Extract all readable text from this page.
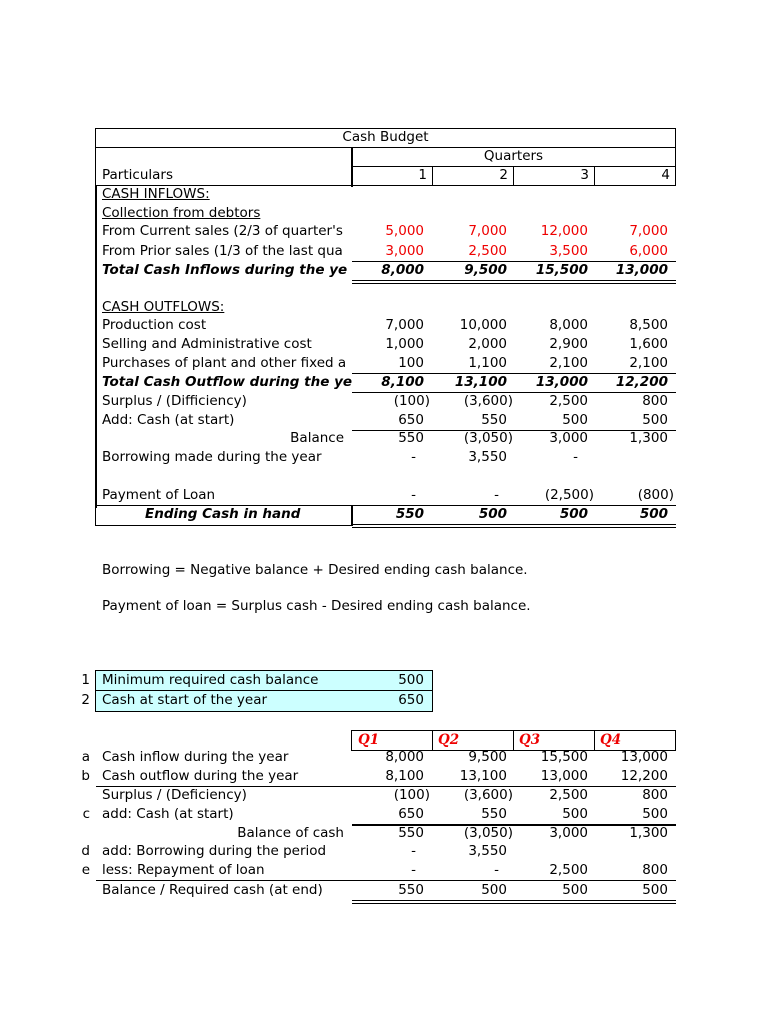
Cash Budget
Quarters
Particulars	1	2	3	4
CASH INFLOWS:
Collection from debtors
From Current sales (2/3 of quarter's	5,000	7,000	12,000	7,000
From Prior sales (1/3 of the last qua	3,000	2,500	3,500	6,000
Total Cash Inflows during the ye	8,000	9,500	15,500	13,000
CASH OUTFLOWS:
Production cost	7,000	10,000	8,000	8,500
Selling and Administrative cost	1,000	2,000	2,900	1,600
Purchases of plant and other fixed a	100	1,100	2,100	2,100
Total Cash Outflow during the ye	8,100	13,100	13,000	12,200
Surplus / (Difficiency)	(100)	(3,600)	2,500	800
Add: Cash (at start)	650	550	500	500
Balance	550	(3,050)	3,000	1,300
Borrowing made during the year	-	3,550	-
Payment of Loan	-	-	(2,500)	(800)
Ending Cash in hand	550	500	500	500
Borrowing = Negative balance + Desired ending cash balance.
Payment of loan = Surplus cash - Desired ending cash balance.
1 Minimum required cash balance	500
2 Cash at start of the year	650
Q1	Q2	Q3	Q4
a Cash inflow during the year	8,000	9,500	15,500	13,000
b Cash outflow during the year	8,100	13,100	13,000	12,200
Surplus / (Deficiency)	(100)	(3,600)	2,500	800
c add: Cash (at start)	650	550	500	500
Balance of cash	550	(3,050)	3,000	1,300
d add: Borrowing during the period	-	3,550
e less: Repayment of loan	-	-	2,500	800
Balance / Required cash (at end)	550	500	500	500
